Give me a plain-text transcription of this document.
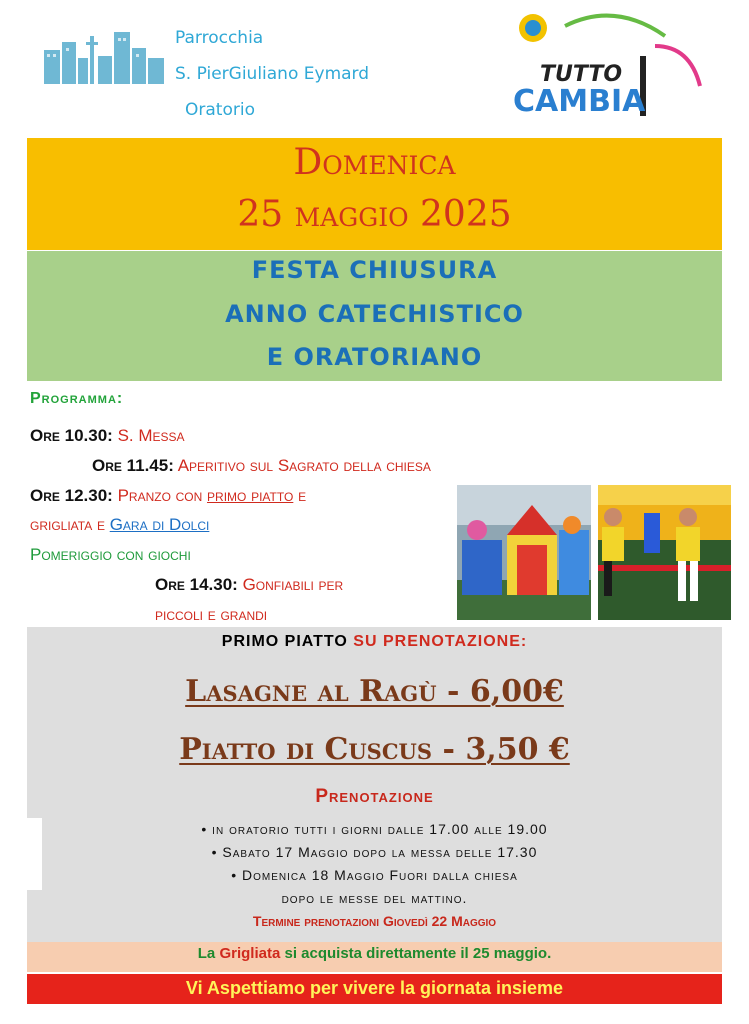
Parrocchia
S. PierGiuliano Eymard
Oratorio
TUTTO
CAMBIA
Domenica
25 maggio 2025
FESTA CHIUSURA
ANNO CATECHISTICO
E ORATORIANO
Programma:
Ore 10.30: S. Messa
Ore 11.45: Aperitivo sul Sagrato della chiesa
Ore 12.30: Pranzo con primo piatto e
grigliata e Gara di Dolci
Pomeriggio con giochi
Ore 14.30: Gonfiabili per
piccoli e grandi
PRIMO PIATTO SU PRENOTAZIONE:
Lasagne al Ragù - 6,00€
Piatto di Cuscus - 3,50 €
Prenotazione
• in oratorio tutti i giorni dalle 17.00 alle 19.00
• Sabato 17 Maggio dopo la messa delle 17.30
• Domenica 18 Maggio Fuori dalla chiesa
dopo le messe del mattino.
Termine prenotazioni Giovedì 22 Maggio
La Grigliata si acquista direttamente il 25 maggio.
Vi Aspettiamo per vivere la giornata insieme
